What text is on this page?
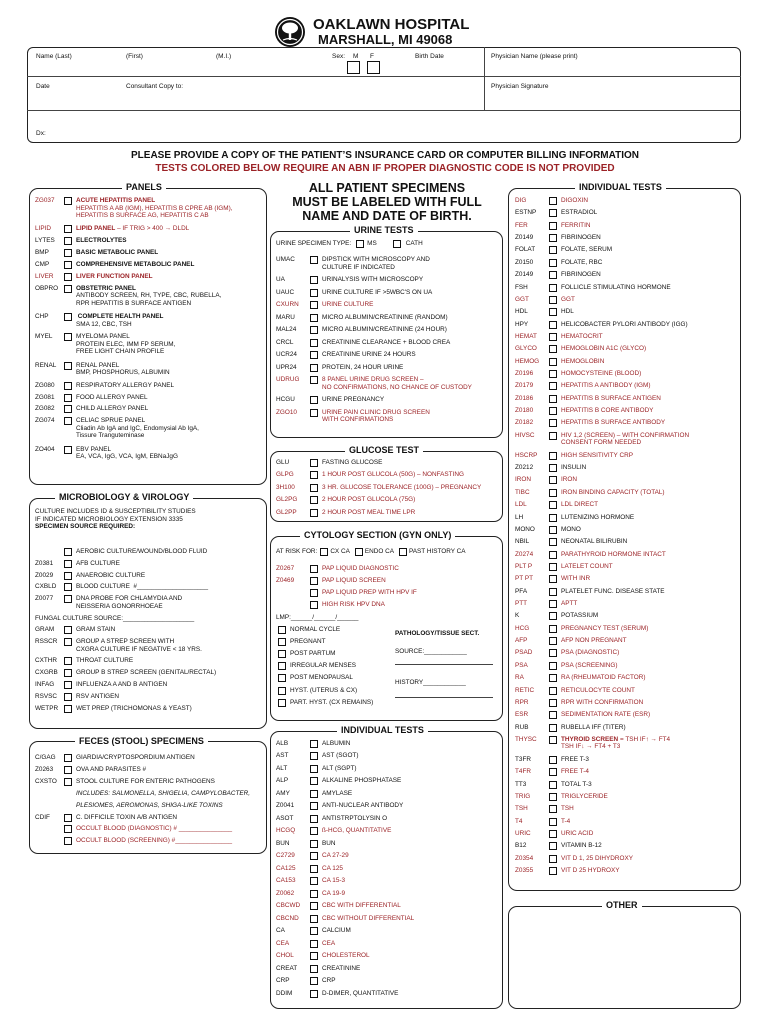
OAKLAWN HOSPITAL
MARSHALL, MI 49068
Name (Last)	(First)	(M.I.)	Sex: M F	Birth Date	Physician Name (please print)
Date	Consultant Copy to:	Physician Signature
Dx:
PLEASE PROVIDE A COPY OF THE PATIENT’S INSURANCE CARD OR COMPUTER BILLING INFORMATION
TESTS COLORED BELOW REQUIRE AN ABN IF PROPER DIAGNOSTIC CODE IS NOT PROVIDED
PANELS
ZG037	ACUTE HEPATITIS PANEL
HEPATITIS A AB (IGM), HEPATITIS B CPRE AB (IGM),
HEPATITIS B SURFACE AG, HEPATITIS C AB
LIPID	LIPID PANEL – IF TRIG > 400 → DLDL
LYTES	ELECTROLYTES
BMP	BASIC METABOLIC PANEL
CMP	COMPREHENSIVE METABOLIC PANEL
LIVER	LIVER FUNCTION PANEL
OBPRO	OBSTETRIC PANEL
ANTIBODY SCREEN, RH, TYPE, CBC, RUBELLA,
RPR HEPATITIS B SURFACE ANTIGEN
CHP	COMPLETE HEALTH PANEL
SMA 12, CBC, TSH
MYEL	MYELOMA PANEL
PROTEIN ELEC, IMM FP SERUM,
FREE LIGHT CHAIN PROFILE
RENAL	RENAL PANEL
BMP, PHOSPHORUS, ALBUMIN
ZG080	RESPIRATORY ALLERGY PANEL
ZG081	FOOD ALLERGY PANEL
ZG082	CHILD ALLERGY PANEL
ZG074	CELIAC SPRUE PANEL
Cliadin Ab IgA and IgC, Endomysial Ab IgA,
Tissure Tranguteminase
ZO404	EBV PANEL
EA, VCA, IgG, VCA, IgM, EBNaJgG
MICROBIOLOGY & VIROLOGY
CULTURE INCLUDES ID & SUSCEPTIBILITY STUDIES
IF INDICATED MICROBIOLOGY EXTENSION 3335
SPECIMEN SOURCE REQUIRED:
AEROBIC CULTURE/WOUND/BLOOD FLUID
Z0381	AFB CULTURE
Z0029	ANAEROBIC CULTURE
CXBLD	BLOOD CULTURE  #____________________
Z0077	DNA PROBE FOR CHLAMYDIA AND
NEISSERIA GONORRHOEAE
FUNGAL CULTURE SOURCE:____________________
GRAM	GRAM STAIN
RSSCR	GROUP A STREP SCREEN WITH
CXGRA CULTURE IF NEGATIVE < 18 YRS.
CXTHR	THROAT CULTURE
CXGRB	GROUP B STREP SCREEN (GENITAL/RECTAL)
INFAG	INFLUENZA A AND B ANTIGEN
RSVSC	RSV ANTIGEN
WETPR	WET PREP (TRICHOMONAS & YEAST)
FECES (STOOL) SPECIMENS
C/GAG	GIARDIA/CRYPTOSPORDIUM ANTIGEN
Z0263	OVA AND PARASITES #
CXSTO	STOOL CULTURE FOR ENTERIC PATHOGENS
INCLUDES: SALMONELLA, SHIGELIA, CAMPYLOBACTER,
PLESIOMES, AEROMONAS, SHIGA-LIKE TOXINS
CDIF	C. DIFFICILE TOXIN A/B ANTIGEN
OCCULT BLOOD (DIAGNOSTIC) # _______________
OCCULT BLOOD (SCREENING) #________________
ALL PATIENT SPECIMENS
MUST BE LABELED WITH FULL
NAME AND DATE OF BIRTH.
URINE TESTS
URINE SPECIMEN TYPE:	MS	CATH
UMAC	DIPSTICK WITH MICROSCOPY AND
CULTURE IF INDICATED
UA	URINALYSIS WITH MICROSCOPY
UAUC	URINE CULTURE IF >5WBC'S ON UA
CXURN	URINE CULTURE
MARU	MICRO ALBUMIN/CREATININE (RANDOM)
MAL24	MICRO ALBUMIN/CREATININE (24 HOUR)
CRCL	CREATININE CLEARANCE + BLOOD CREA
UCR24	CREATININE URINE 24 HOURS
UPR24	PROTEIN, 24 HOUR URINE
UDRUG	8 PANEL URINE DRUG SCREEN –
NO CONFIRMATIONS, NO CHANCE OF CUSTODY
HCGU	URINE PREGNANCY
ZGO10	URINE PAIN CLINIC DRUG SCREEN
WITH CONFIRMATIONS
GLUCOSE TEST
GLU	FASTING GLUCOSE
GLPG	1 HOUR POST GLUCOLA (50G) – NONFASTING
3H100	3 HR. GLUCOSE TOLERANCE (100G) – PREGNANCY
GL2PG	2 HOUR POST GLUCOLA (75G)
GL2PP	2 HOUR POST MEAL TIME LPR
CYTOLOGY SECTION (GYN ONLY)
AT RISK FOR: CX CA ENDO CA PAST HISTORY CA
Z0267	PAP LIQUID DIAGNOSTIC
Z0469	PAP LIQUID SCREEN
PAP LIQUID PREP WITH HPV IF
HIGH RISK HPV DNA
LMP:______/______/______
NORMAL CYCLE
PREGNANT
POST PARTUM
IRREGULAR MENSES
POST MENOPAUSAL
HYST. (UTERUS & CX)
PART. HYST. (CX REMAINS)
PATHOLOGY/TISSUE SECT.
SOURCE:____________
HISTORY____________
INDIVIDUAL TESTS
ALB	ALBUMIN
AST	AST (SGOT)
ALT	ALT (SGPT)
ALP	ALKALINE PHOSPHATASE
AMY	AMYLASE
Z0041	ANTI-NUCLEAR ANTIBODY
ASOT	ANTISTRPTOLYSIN O
HCGQ	ß-HCG, QUANTITATIVE
BUN	BUN
C2729	CA 27-29
CA125	CA 125
CA153	CA 15-3
Z0062	CA 19-9
CBCWD	CBC WITH DIFFERENTIAL
CBCND	CBC WITHOUT DIFFERENTIAL
CA	CALCIUM
CEA	CEA
CHOL	CHOLESTEROL
CREAT	CREATININE
CRP	CRP
DDIM	D-DIMER, QUANTITATIVE
INDIVIDUAL TESTS
DIG	DIGOXIN
ESTNP	ESTRADIOL
FER	FERRITIN
Z0149	FIBRINOGEN
FOLAT	FOLATE, SERUM
Z0150	FOLATE, RBC
Z0149	FIBRINOGEN
FSH	FOLLICLE STIMULATING HORMONE
GGT	GGT
HDL	HDL
HPY	HELICOBACTER PYLORI ANTIBODY (IGG)
HEMAT	HEMATOCRIT
GLYCO	HEMOGLOBIN A1C (GLYCO)
HEMOG	HEMOGLOBIN
Z0196	HOMOCYSTEINE (BLOOD)
Z0179	HEPATITIS A ANTIBODY (IGM)
Z0186	HEPATITIS B SURFACE ANTIGEN
Z0180	HEPATITIS B CORE ANTIBODY
Z0182	HEPATITIS B SURFACE ANTIBODY
HIVSC	HIV 1,2 (SCREEN) – WITH CONFIRMATION
CONSENT FORM NEEDED
HSCRP	HIGH SENSITIVITY CRP
Z0212	INSULIN
IRON	IRON
TIBC	IRON BINDING CAPACITY (TOTAL)
LDL	LDL DIRECT
LH	LUTENIZING HORMONE
MONO	MONO
NBIL	NEONATAL BILIRUBIN
Z0274	PARATHYROID HORMONE INTACT
PLT P	LATELET COUNT
PT PT	WITH INR
PFA	PLATELET FUNC. DISEASE STATE
PTT	APTT
K	POTASSIUM
HCG	PREGNANCY TEST (SERUM)
AFP	AFP NON PREGNANT
PSAD	PSA (DIAGNOSTIC)
PSA	PSA (SCREENING)
RA	RA (RHEUMATOID FACTOR)
RETIC	RETICULOCYTE COUNT
RPR	RPR WITH CONFIRMATION
ESR	SEDIMENTATION RATE (ESR)
RUB	RUBELLA IFF (TITER)
THYSC	THYROID SCREEN = TSH IF↑ → FT4
TSH IF↓ → FT4 + T3
T3FR	FREE T-3
T4FR	FREE T-4
TT3	TOTAL T-3
TRIG	TRIGLYCERIDE
TSH	TSH
T4	T-4
URIC	URIC ACID
B12	VITAMIN B-12
Z0354	VIT D 1, 25 DIHYDROXY
Z0355	VIT D 25 HYDROXY
OTHER
